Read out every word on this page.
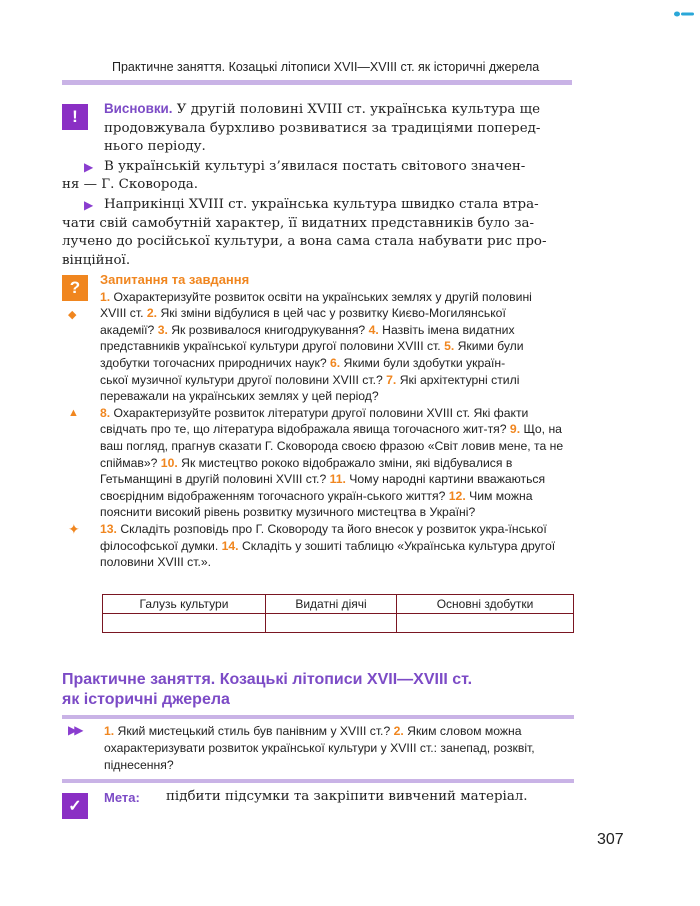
Практичне заняття. Козацькі літописи XVII—XVIII ст. як історичні джерела
!	Висновки. У другій половині XVIII ст. українська культура ще
продовжувала бурхливо розвиватися за традиціями поперед-
нього періоду.
▶ В українській культурі з’явилася постать світового значен-
ня — Г. Сковорода.
▶ Наприкінці XVIII ст. українська культура швидко стала втра-
чати свій самобутній характер, її видатних представників було за-
лучено до російської культури, а вона сама стала набувати рис про-
вінційної.
?	Запитання та завдання
◆
1. Охарактеризуйте розвиток освіти на українських землях у другій половині
XVIII ст. 2. Які зміни відбулися в цей час у розвитку Києво-Могилянської
академії? 3. Як розвивалося книгодрукування? 4. Назвіть імена видатних
представників української культури другої половини XVIII ст. 5. Якими були
здобутки тогочасних природничих наук? 6. Якими були здобутки україн-
ської музичної культури другої половини XVIII ст.? 7. Які архітектурні стилі
переважали на українських землях у цей період?
▲ 8. Охарактеризуйте розвиток літератури другої половини XVIII ст. Які факти свідчать про те, що література відображала явища тогочасного жит-тя? 9. Що, на ваш погляд, прагнув сказати Г. Сковорода своєю фразою «Світ ловив мене, та не спіймав»? 10. Як мистецтво рококо відображало зміни, які відбувалися в Гетьманщині в другій половині XVIII ст.? 11. Чому народні картини вважаються своєрідним відображенням тогочасного україн-ського життя? 12. Чим можна пояснити високий рівень розвитку музичного мистецтва в Україні?
✦ 13. Складіть розповідь про Г. Сковороду та його внесок у розвиток укра-їнської філософської думки. 14. Складіть у зошиті таблицю «Українська культура другої половини XVIII ст.».
Галузь культури	Видатні діячі	Основні здобутки

Практичне заняття. Козацькі літописи XVII—XVIII ст.
як історичні джерела
▶▶ 1. Який мистецький стиль був панівним у XVIII ст.? 2. Яким словом можна охарактеризувати розвиток української культури у XVIII ст.: занепад, розквіт, піднесення?
✓
Мета: підбити підсумки та закріпити вивчений матеріал.
307
